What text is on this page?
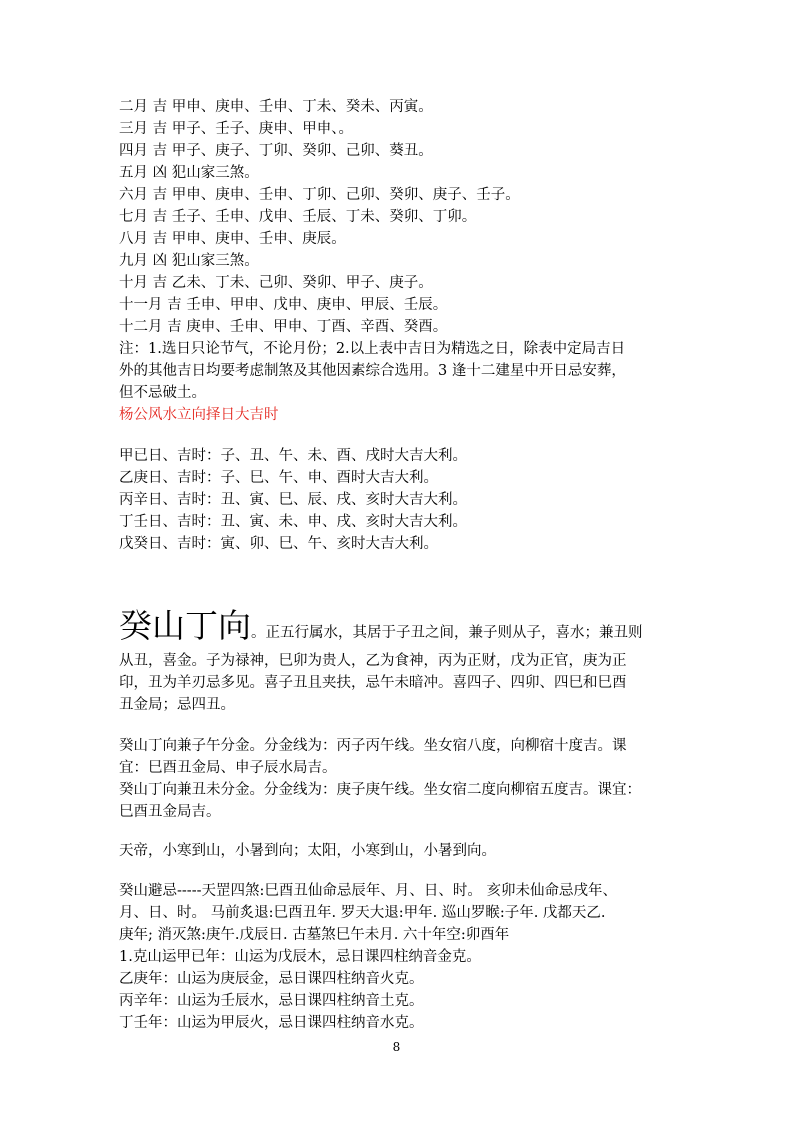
二月 吉 甲申、庚申、壬申、丁未、癸未、丙寅。
三月 吉 甲子、壬子、庚申、甲申、。
四月 吉 甲子、庚子、丁卯、癸卯、己卯、葵丑。
五月 凶 犯山家三煞。
六月 吉 甲申、庚申、壬申、丁卯、己卯、癸卯、庚子、壬子。
七月 吉 壬子、壬申、戊申、壬辰、丁未、癸卯、丁卯。
八月 吉 甲申、庚申、壬申、庚辰。
九月 凶 犯山家三煞。
十月 吉 乙未、丁未、己卯、癸卯、甲子、庚子。
十一月 吉 壬申、甲申、戊申、庚申、甲辰、壬辰。
十二月 吉 庚申、壬申、甲申、丁酉、辛酉、癸酉。
注：1.选日只论节气，不论月份；2.以上表中吉日为精选之日，除表中定局吉日
外的其他吉日均要考虑制煞及其他因素综合选用。3 逢十二建星中开日忌安葬，
但不忌破土。
杨公风水立向择日大吉时
甲已日、吉时：子、丑、午、未、酉、戌时大吉大利。
乙庚日、吉时：子、巳、午、申、酉时大吉大利。
丙辛日、吉时：丑、寅、巳、辰、戌、亥时大吉大利。
丁壬日、吉时：丑、寅、未、申、戌、亥时大吉大利。
戊癸日、吉时：寅、卯、巳、午、亥时大吉大利。
癸山丁向。正五行属水，其居于子丑之间，兼子则从子，喜水；兼丑则
从丑，喜金。子为禄神，巳卯为贵人，乙为食神，丙为正财，戊为正官，庚为正
印，丑为羊刃忌多见。喜子丑且夹扶，忌午未暗冲。喜四子、四卯、四巳和巳酉
丑金局；忌四丑。
癸山丁向兼子午分金。分金线为：丙子丙午线。坐女宿八度，向柳宿十度吉。课
宜：巳酉丑金局、申子辰水局吉。
癸山丁向兼丑未分金。分金线为：庚子庚午线。坐女宿二度向柳宿五度吉。课宜：
巳酉丑金局吉。
天帝，小寒到山，小暑到向；太阳，小寒到山，小暑到向。
癸山避忌-----天罡四煞:巳酉丑仙命忌辰年、月、日、时。 亥卯未仙命忌戌年、
月、日、时。 马前炙退:巳酉丑年. 罗天大退:甲年. 巡山罗睺:子年. 戊都天乙.
庚年; 消灭煞:庚午.戊辰日. 古墓煞巳午未月. 六十年空:卯酉年
1.克山运甲已年：山运为戊辰木，忌日课四柱纳音金克。
乙庚年：山运为庚辰金，忌日课四柱纳音火克。
丙辛年：山运为壬辰水，忌日课四柱纳音土克。
丁壬年：山运为甲辰火，忌日课四柱纳音水克。
8
